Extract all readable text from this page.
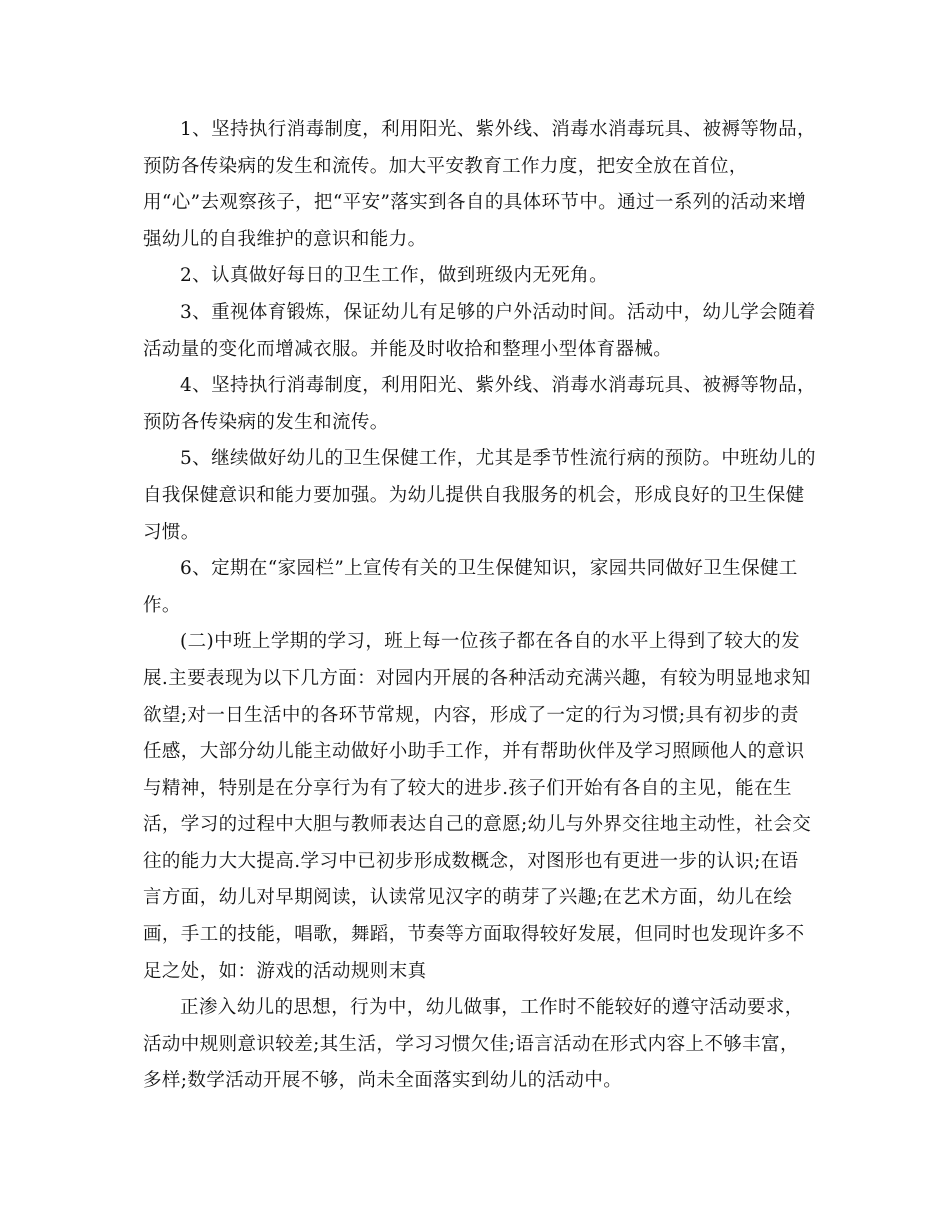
1、坚持执行消毒制度，利用阳光、紫外线、消毒水消毒玩具、被褥等物品，
预防各传染病的发生和流传。加大平安教育工作力度，把安全放在首位，
用“心”去观察孩子，把“平安”落实到各自的具体环节中。通过一系列的活动来增
强幼儿的自我维护的意识和能力。

2、认真做好每日的卫生工作，做到班级内无死角。

3、重视体育锻炼，保证幼儿有足够的户外活动时间。活动中，幼儿学会随着
活动量的变化而增减衣服。并能及时收拾和整理小型体育器械。

4、坚持执行消毒制度，利用阳光、紫外线、消毒水消毒玩具、被褥等物品，
预防各传染病的发生和流传。

5、继续做好幼儿的卫生保健工作，尤其是季节性流行病的预防。中班幼儿的
自我保健意识和能力要加强。为幼儿提供自我服务的机会，形成良好的卫生保健
习惯。

6、定期在“家园栏”上宣传有关的卫生保健知识，家园共同做好卫生保健工
作。

(二)中班上学期的学习，班上每一位孩子都在各自的水平上得到了较大的发
展.主要表现为以下几方面：对园内开展的各种活动充满兴趣，有较为明显地求知
欲望;对一日生活中的各环节常规，内容，形成了一定的行为习惯;具有初步的责
任感，大部分幼儿能主动做好小助手工作，并有帮助伙伴及学习照顾他人的意识
与精神，特别是在分享行为有了较大的进步.孩子们开始有各自的主见，能在生
活，学习的过程中大胆与教师表达自己的意愿;幼儿与外界交往地主动性，社会交
往的能力大大提高.学习中已初步形成数概念，对图形也有更进一步的认识;在语
言方面，幼儿对早期阅读，认读常见汉字的萌芽了兴趣;在艺术方面，幼儿在绘
画，手工的技能，唱歌，舞蹈，节奏等方面取得较好发展，但同时也发现许多不
足之处，如：游戏的活动规则末真

正渗入幼儿的思想，行为中，幼儿做事，工作时不能较好的遵守活动要求，
活动中规则意识较差;其生活，学习习惯欠佳;语言活动在形式内容上不够丰富，
多样;数学活动开展不够，尚未全面落实到幼儿的活动中。
